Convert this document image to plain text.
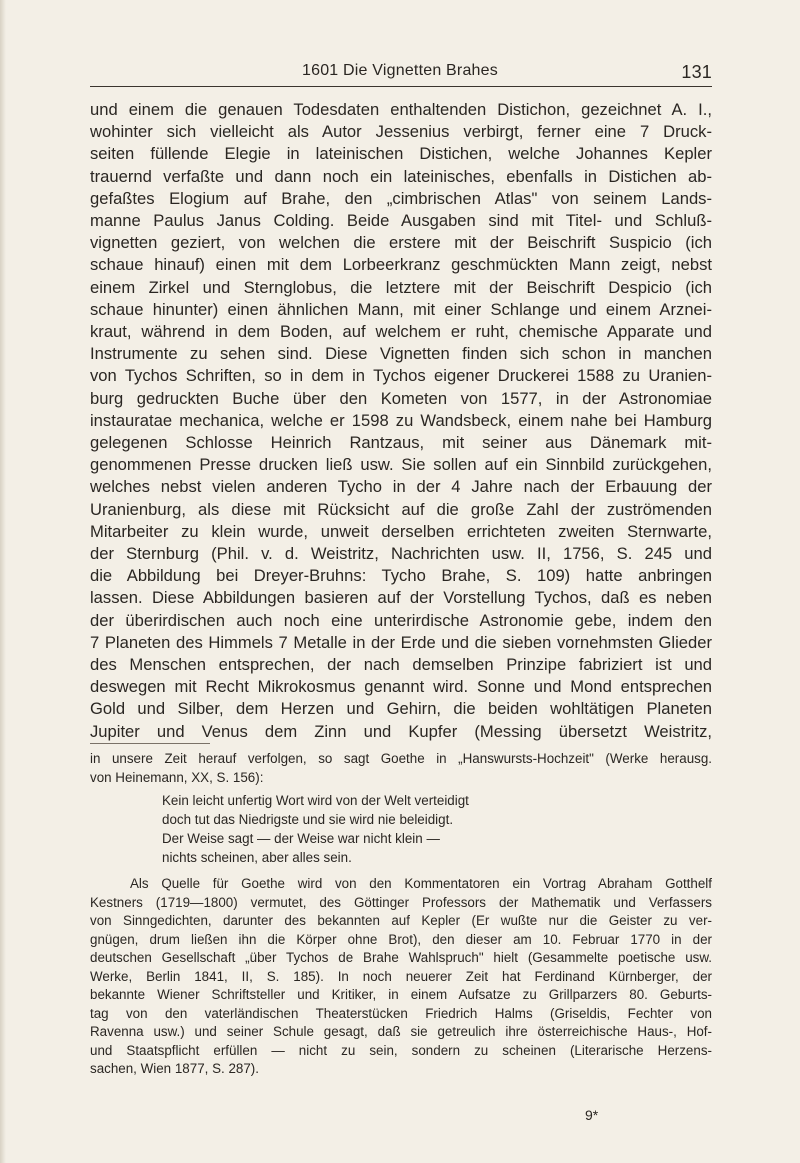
1601 Die Vignetten Brahes	131
und einem die genauen Todesdaten enthaltenden Distichon, gezeichnet A. I.,
wohinter sich vielleicht als Autor Jessenius verbirgt, ferner eine 7 Druck-
seiten füllende Elegie in lateinischen Distichen, welche Johannes Kepler
trauernd verfaßte und dann noch ein lateinisches, ebenfalls in Distichen ab-
gefaßtes Elogium auf Brahe, den „cimbrischen Atlas" von seinem Lands-
manne Paulus Janus Colding. Beide Ausgaben sind mit Titel- und Schluß-
vignetten geziert, von welchen die erstere mit der Beischrift Suspicio (ich
schaue hinauf) einen mit dem Lorbeerkranz geschmückten Mann zeigt, nebst
einem Zirkel und Sternglobus, die letztere mit der Beischrift Despicio (ich
schaue hinunter) einen ähnlichen Mann, mit einer Schlange und einem Arznei-
kraut, während in dem Boden, auf welchem er ruht, chemische Apparate und
Instrumente zu sehen sind. Diese Vignetten finden sich schon in manchen
von Tychos Schriften, so in dem in Tychos eigener Druckerei 1588 zu Uranien-
burg gedruckten Buche über den Kometen von 1577, in der Astronomiae
instauratae mechanica, welche er 1598 zu Wandsbeck, einem nahe bei Hamburg
gelegenen Schlosse Heinrich Rantzaus, mit seiner aus Dänemark mit-
genommenen Presse drucken ließ usw. Sie sollen auf ein Sinnbild zurückgehen,
welches nebst vielen anderen Tycho in der 4 Jahre nach der Erbauung der
Uranienburg, als diese mit Rücksicht auf die große Zahl der zuströmenden
Mitarbeiter zu klein wurde, unweit derselben errichteten zweiten Sternwarte,
der Sternburg (Phil. v. d. Weistritz, Nachrichten usw. II, 1756, S. 245 und
die Abbildung bei Dreyer-Bruhns: Tycho Brahe, S. 109) hatte anbringen
lassen. Diese Abbildungen basieren auf der Vorstellung Tychos, daß es neben
der überirdischen auch noch eine unterirdische Astronomie gebe, indem den
7 Planeten des Himmels 7 Metalle in der Erde und die sieben vornehmsten Glieder
des Menschen entsprechen, der nach demselben Prinzipe fabriziert ist und
deswegen mit Recht Mikrokosmus genannt wird. Sonne und Mond entsprechen
Gold und Silber, dem Herzen und Gehirn, die beiden wohltätigen Planeten
Jupiter und Venus dem Zinn und Kupfer (Messing übersetzt Weistritz,
in unsere Zeit herauf verfolgen, so sagt Goethe in „Hanswursts-Hochzeit" (Werke herausg.
von Heinemann, XX, S. 156):
Kein leicht unfertig Wort wird von der Welt verteidigt
doch tut das Niedrigste und sie wird nie beleidigt.
Der Weise sagt — der Weise war nicht klein —
nichts scheinen, aber alles sein.
Als Quelle für Goethe wird von den Kommentatoren ein Vortrag Abraham Gotthelf
Kestners (1719—1800) vermutet, des Göttinger Professors der Mathematik und Verfassers
von Sinngedichten, darunter des bekannten auf Kepler (Er wußte nur die Geister zu ver-
gnügen, drum ließen ihn die Körper ohne Brot), den dieser am 10. Februar 1770 in der
deutschen Gesellschaft „über Tychos de Brahe Wahlspruch" hielt (Gesammelte poetische usw.
Werke, Berlin 1841, II, S. 185). In noch neuerer Zeit hat Ferdinand Kürnberger, der
bekannte Wiener Schriftsteller und Kritiker, in einem Aufsatze zu Grillparzers 80. Geburts-
tag von den vaterländischen Theaterstücken Friedrich Halms (Griseldis, Fechter von
Ravenna usw.) und seiner Schule gesagt, daß sie getreulich ihre österreichische Haus-, Hof-
und Staatspflicht erfüllen — nicht zu sein, sondern zu scheinen (Literarische Herzens-
sachen, Wien 1877, S. 287).
9*
